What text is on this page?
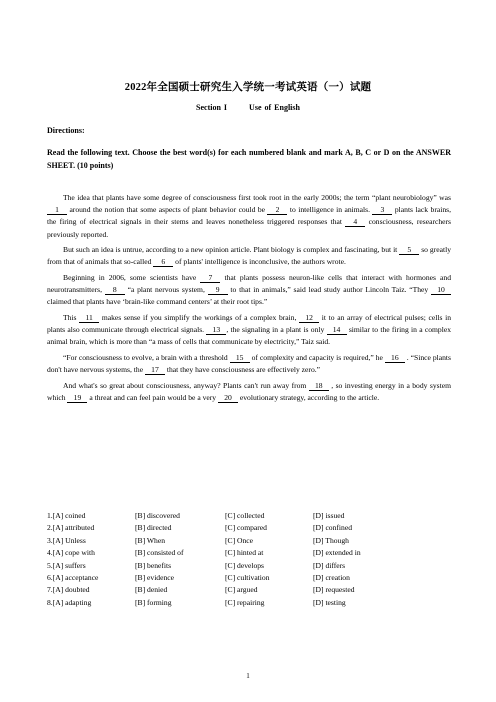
2022年全国硕士研究生入学统一考试英语（一）试题
Section I	Use of English
Directions:
Read the following text. Choose the best word(s) for each numbered blank and mark A, B, C or D on the ANSWER SHEET. (10 points)

The idea that plants have some degree of consciousness first took root in the early 2000s; the term “plant neurobiology” was 1 around the notion that some aspects of plant behavior could be 2 to intelligence in animals. 3 plants lack brains, the firing of electrical signals in their stems and leaves nonetheless triggered responses that 4 consciousness, researchers previously reported.

But such an idea is untrue, according to a new opinion article. Plant biology is complex and fascinating, but it 5 so greatly from that of animals that so-called 6 of plants' intelligence is inconclusive, the authors wrote.

Beginning in 2006, some scientists have 7 that plants possess neuron-like cells that interact with hormones and neurotransmitters, 8 “a plant nervous system, 9 to that in animals,” said lead study author Lincoln Taiz. “They 10 claimed that plants have ‘brain-like command centers’ at their root tips.”

This 11 makes sense if you simplify the workings of a complex brain, 12 it to an array of electrical pulses; cells in plants also communicate through electrical signals. 13 , the signaling in a plant is only 14 similar to the firing in a complex animal brain, which is more than “a mass of cells that communicate by electricity,” Taiz said.

“For consciousness to evolve, a brain with a threshold 15 of complexity and capacity is required,” he 16 . “Since plants don't have nervous systems, the 17 that they have consciousness are effectively zero.”

And what's so great about consciousness, anyway? Plants can't run away from 18 , so investing energy in a body system which 19 a threat and can feel pain would be a very 20 evolutionary strategy, according to the article.

1.[A] coined	[B] discovered	[C] collected	[D] issued
2.[A] attributed	[B] directed	[C] compared	[D] confined
3.[A] Unless	[B] When	[C] Once	[D] Though
4.[A] cope with	[B] consisted of	[C] hinted at	[D] extended in
5.[A] suffers	[B] benefits	[C] develops	[D] differs
6.[A] acceptance	[B] evidence	[C] cultivation	[D] creation
7.[A] doubted	[B] denied	[C] argued	[D] requested
8.[A] adapting	[B] forming	[C] repairing	[D] testing
1
